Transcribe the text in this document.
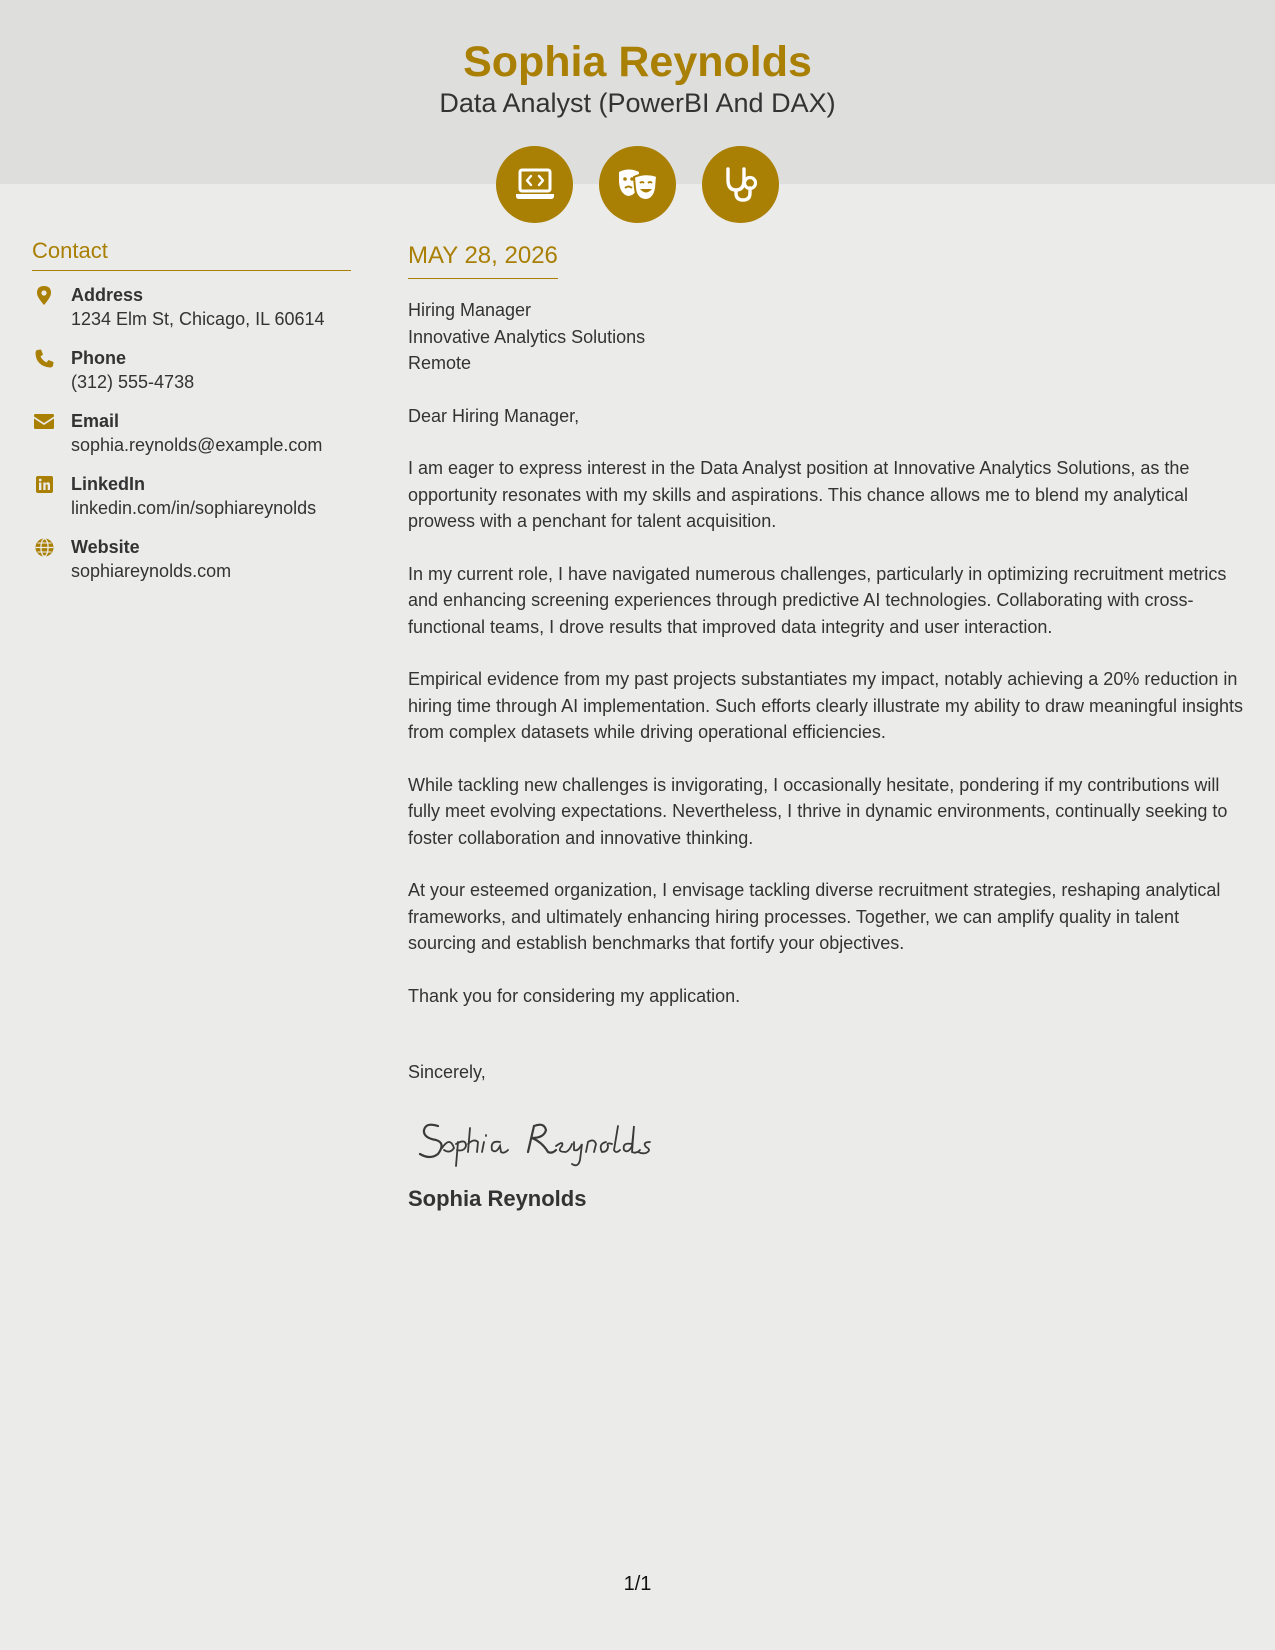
Sophia Reynolds
Data Analyst (PowerBI And DAX)
Contact
Address
1234 Elm St, Chicago, IL 60614
Phone
(312) 555-4738
Email
sophia.reynolds@example.com
LinkedIn
linkedin.com/in/sophiareynolds
Website
sophiareynolds.com
MAY 28, 2026
Hiring Manager
Innovative Analytics Solutions
Remote
Dear Hiring Manager,
I am eager to express interest in the Data Analyst position at Innovative Analytics Solutions, as the opportunity resonates with my skills and aspirations. This chance allows me to blend my analytical prowess with a penchant for talent acquisition.
In my current role, I have navigated numerous challenges, particularly in optimizing recruitment metrics and enhancing screening experiences through predictive AI technologies. Collaborating with cross-functional teams, I drove results that improved data integrity and user interaction.
Empirical evidence from my past projects substantiates my impact, notably achieving a 20% reduction in hiring time through AI implementation. Such efforts clearly illustrate my ability to draw meaningful insights from complex datasets while driving operational efficiencies.
While tackling new challenges is invigorating, I occasionally hesitate, pondering if my contributions will fully meet evolving expectations. Nevertheless, I thrive in dynamic environments, continually seeking to foster collaboration and innovative thinking.
At your esteemed organization, I envisage tackling diverse recruitment strategies, reshaping analytical frameworks, and ultimately enhancing hiring processes. Together, we can amplify quality in talent sourcing and establish benchmarks that fortify your objectives.
Thank you for considering my application.
Sincerely,
Sophia Reynolds
1/1
